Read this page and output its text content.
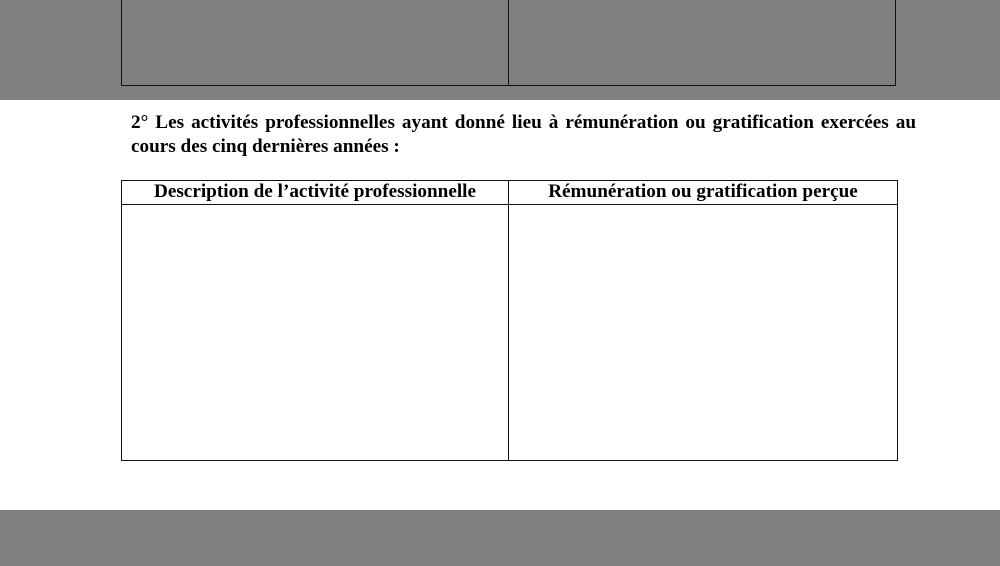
2° Les activités professionnelles ayant donné lieu à rémunération ou gratification exercées au cours des cinq dernières années :

Description de l’activité professionnelle	Rémunération ou gratification perçue
